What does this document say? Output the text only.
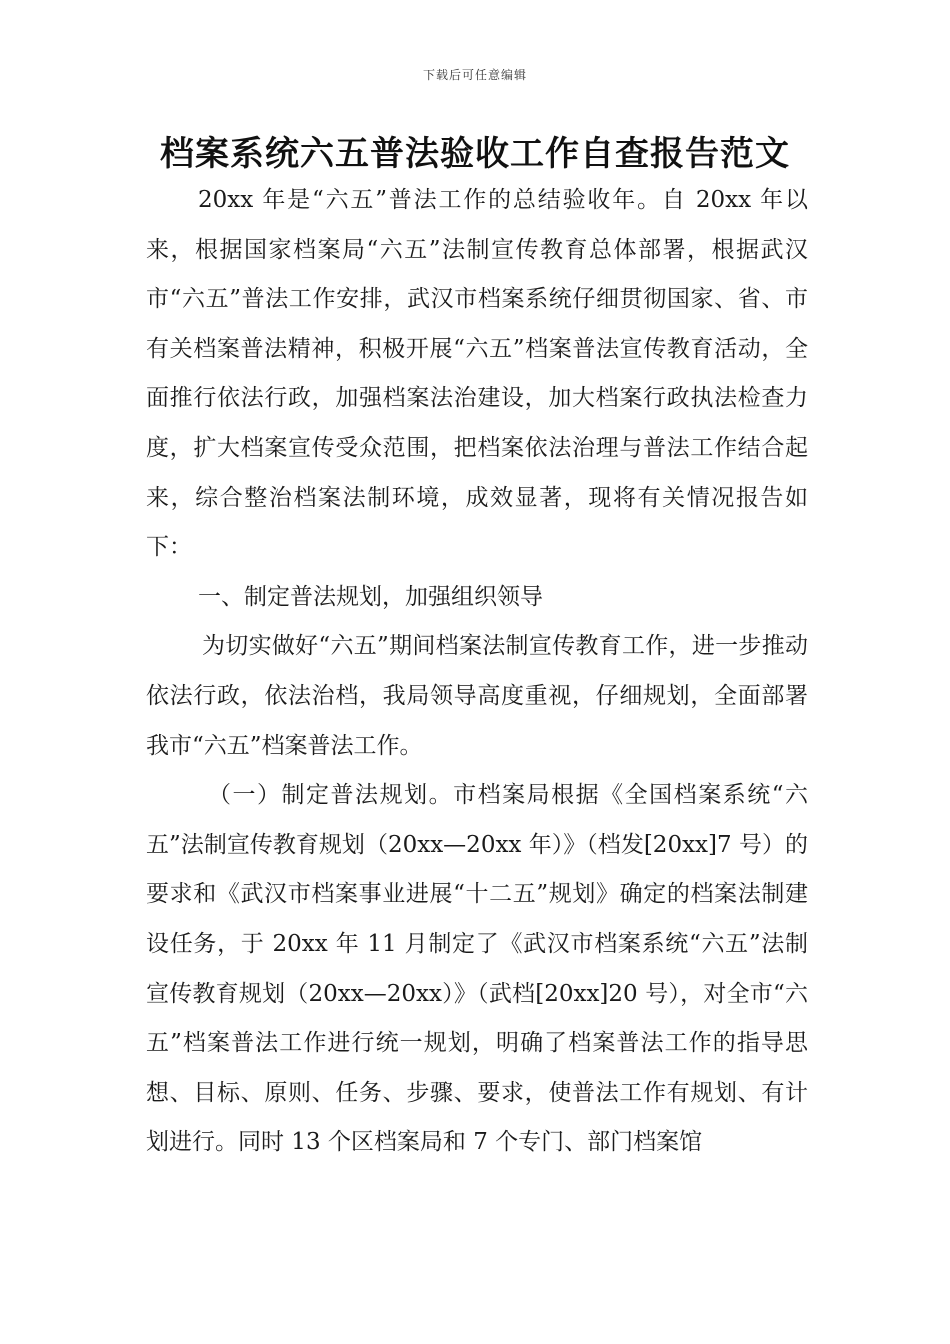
下载后可任意编辑
档案系统六五普法验收工作自查报告范文

20xx 年是“六五”普法工作的总结验收年。自 20xx 年以来，根据国家档案局“六五”法制宣传教育总体部署，根据武汉市“六五”普法工作安排，武汉市档案系统仔细贯彻国家、省、市有关档案普法精神，积极开展“六五”档案普法宣传教育活动，全面推行依法行政，加强档案法治建设，加大档案行政执法检查力度，扩大档案宣传受众范围，把档案依法治理与普法工作结合起来，综合整治档案法制环境，成效显著，现将有关情况报告如下：

一、制定普法规划，加强组织领导

为切实做好“六五”期间档案法制宣传教育工作，进一步推动依法行政，依法治档，我局领导高度重视，仔细规划，全面部署我市“六五”档案普法工作。

（一）制定普法规划。市档案局根据《全国档案系统“六五”法制宣传教育规划（20xx—20xx 年）》（档发[20xx]7 号）的要求和《武汉市档案事业进展“十二五”规划》确定的档案法制建设任务，于 20xx 年 11 月制定了《武汉市档案系统“六五”法制宣传教育规划（20xx—20xx）》（武档[20xx]20 号），对全市“六五”档案普法工作进行统一规划，明确了档案普法工作的指导思想、目标、原则、任务、步骤、要求，使普法工作有规划、有计划进行。同时 13 个区档案局和 7 个专门、部门档案馆
